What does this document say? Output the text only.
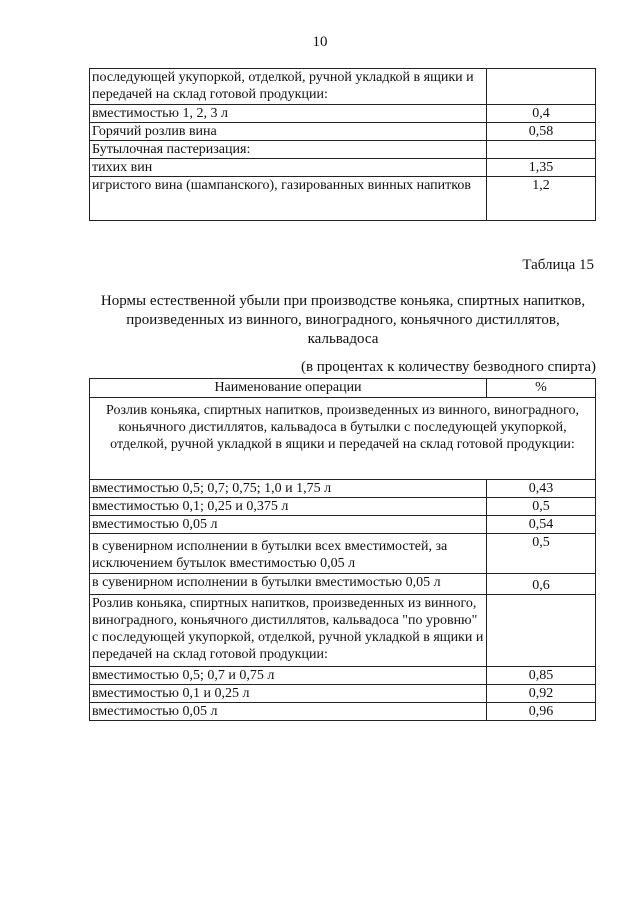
10
последующей укупоркой, отделкой, ручной укладкой в ящики и передачей на склад готовой продукции:	
вместимостью 1, 2, 3 л	0,4
Горячий розлив вина	0,58
Бутылочная пастеризация:	
тихих вин	1,35
игристого вина (шампанского), газированных винных напитков	1,2
Таблица 15
Нормы естественной убыли при производстве коньяка, спиртных напитков, произведенных из винного, виноградного, коньячного дистиллятов, кальвадоса
(в процентах к количеству безводного спирта)
Наименование операции	%
Розлив коньяка, спиртных напитков, произведенных из винного, виноградного, коньячного дистиллятов, кальвадоса в бутылки с последующей укупоркой, отделкой, ручной укладкой в ящики и передачей на склад готовой продукции:	
вместимостью 0,5; 0,7; 0,75; 1,0 и 1,75 л	0,43
вместимостью 0,1; 0,25 и 0,375 л	0,5
вместимостью 0,05 л	0,54
в сувенирном исполнении в бутылки всех вместимостей, за исключением бутылок вместимостью 0,05 л	0,5
в сувенирном исполнении в бутылки вместимостью 0,05 л	0,6
Розлив коньяка, спиртных напитков, произведенных из винного, виноградного, коньячного дистиллятов, кальвадоса "по уровню" с последующей укупоркой, отделкой, ручной укладкой в ящики и передачей на склад готовой продукции:	
вместимостью 0,5; 0,7 и 0,75 л	0,85
вместимостью 0,1 и 0,25 л	0,92
вместимостью 0,05 л	0,96
